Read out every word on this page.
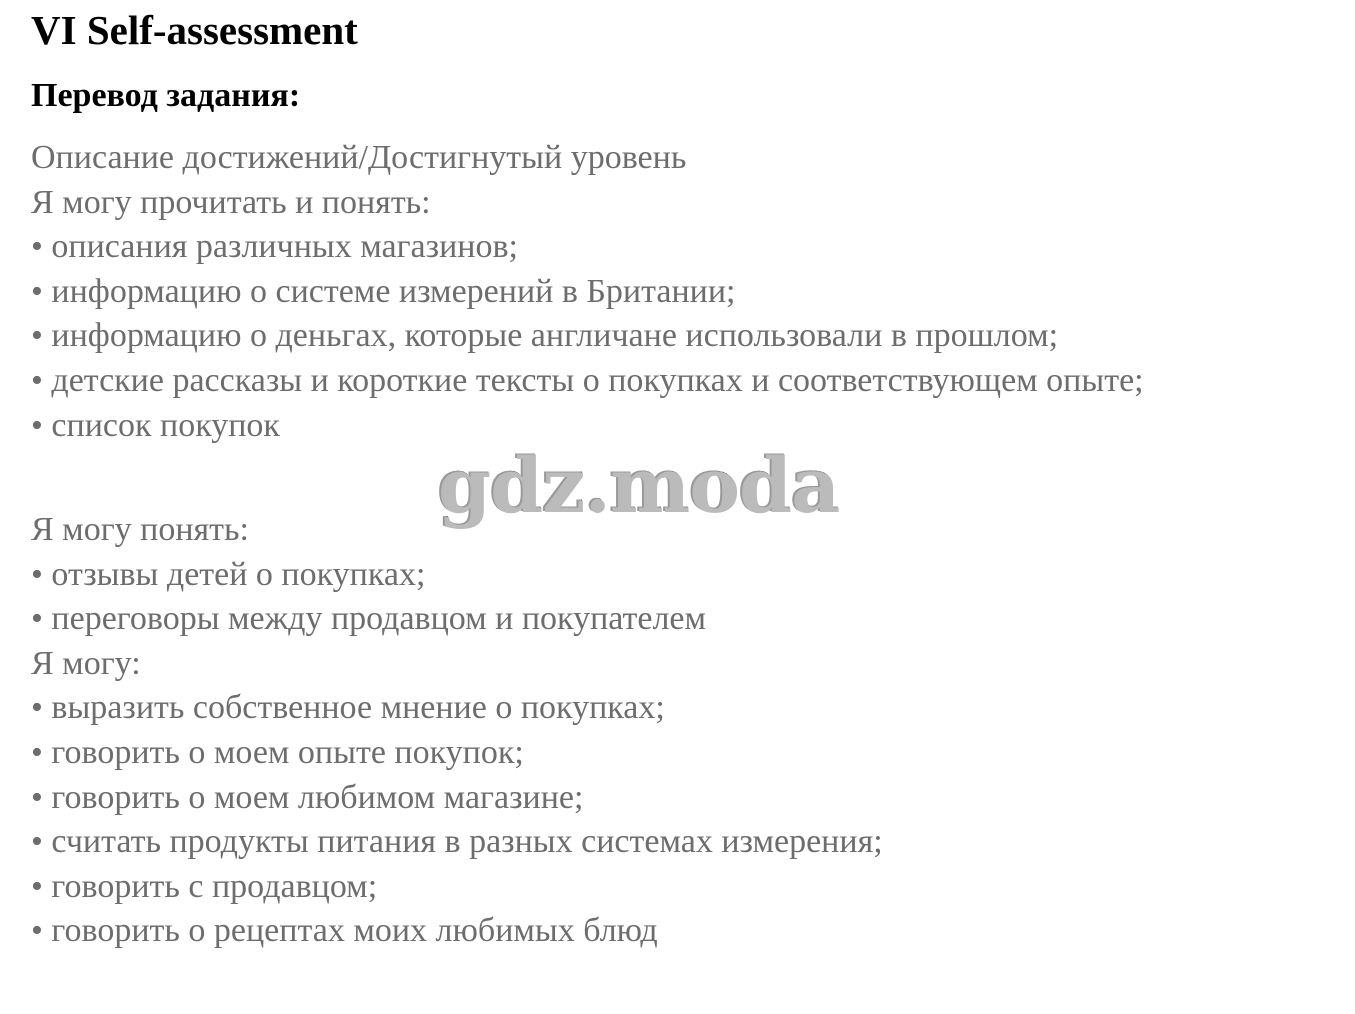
VI Self-assessment
Перевод задания:
Описание достижений/Достигнутый уровень
Я могу прочитать и понять:
• описания различных магазинов;
• информацию о системе измерений в Британии;
• информацию о деньгах, которые англичане использовали в прошлом;
• детские рассказы и короткие тексты о покупках и соответствующем опыте;
• список покупок
Я могу понять:
• отзывы детей о покупках;
• переговоры между продавцом и покупателем
Я могу:
• выразить собственное мнение о покупках;
• говорить о моем опыте покупок;
• говорить о моем любимом магазине;
• считать продукты питания в разных системах измерения;
• говорить с продавцом;
• говорить о рецептах моих любимых блюд
gdz.moda
